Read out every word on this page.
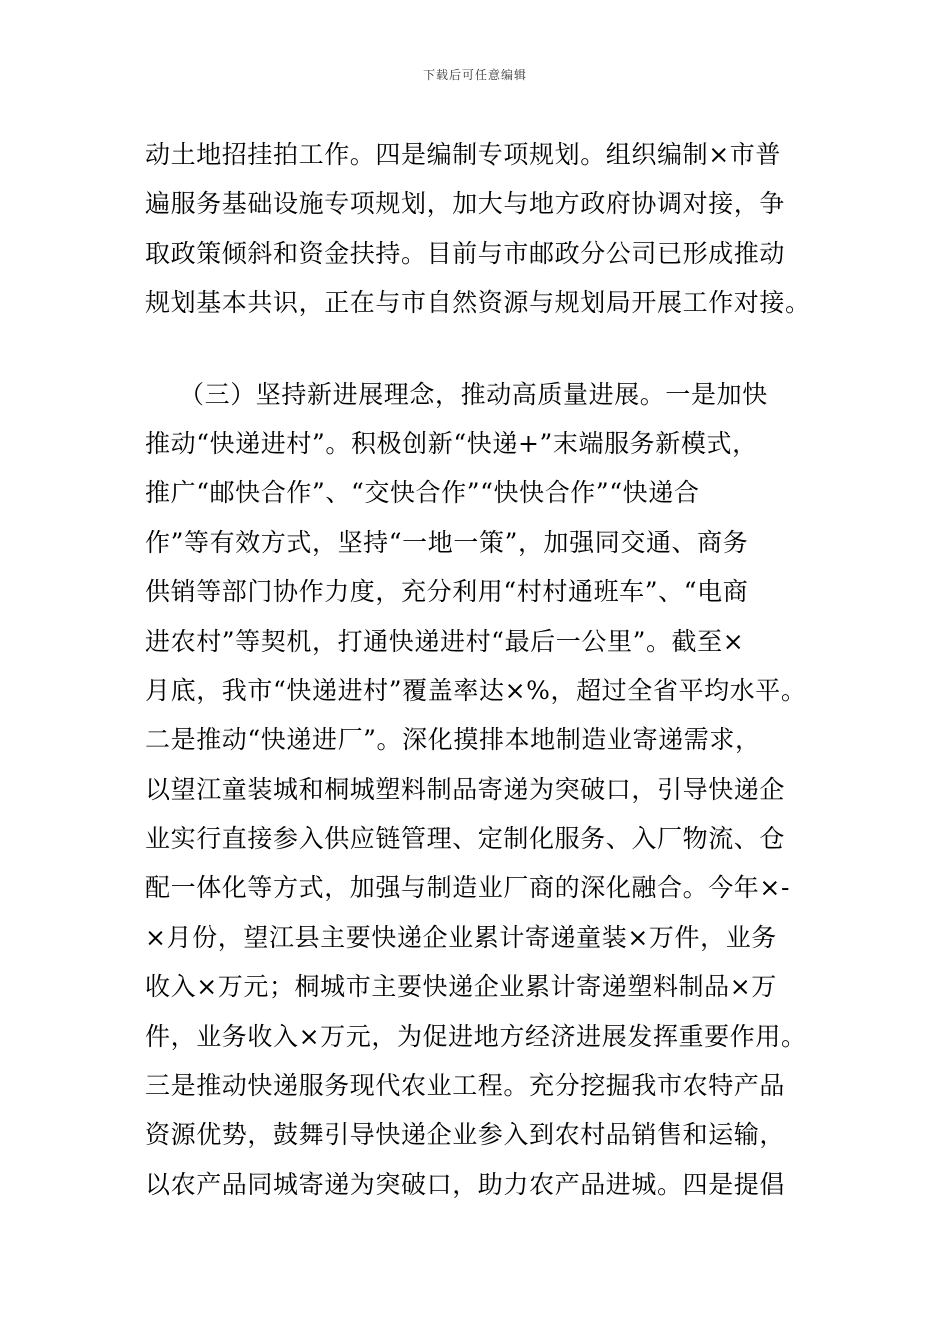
下载后可任意编辑
动土地招挂拍工作。四是编制专项规划。组织编制×市普
遍服务基础设施专项规划，加大与地方政府协调对接，争
取政策倾斜和资金扶持。目前与市邮政分公司已形成推动
规划基本共识，正在与市自然资源与规划局开展工作对接。
（三）坚持新进展理念，推动高质量进展。一是加快
推动“快递进村”。积极创新“快递+”末端服务新模式，
推广“邮快合作”、“交快合作”“快快合作”“快递合
作”等有效方式，坚持“一地一策”，加强同交通、商务
供销等部门协作力度，充分利用“村村通班车”、“电商
进农村”等契机，打通快递进村“最后一公里”。截至×
月底，我市“快递进村”覆盖率达×%，超过全省平均水平。
二是推动“快递进厂”。深化摸排本地制造业寄递需求，
以望江童装城和桐城塑料制品寄递为突破口，引导快递企
业实行直接参入供应链管理、定制化服务、入厂物流、仓
配一体化等方式，加强与制造业厂商的深化融合。今年×-
×月份，望江县主要快递企业累计寄递童装×万件，业务
收入×万元；桐城市主要快递企业累计寄递塑料制品×万
件，业务收入×万元，为促进地方经济进展发挥重要作用。
三是推动快递服务现代农业工程。充分挖掘我市农特产品
资源优势，鼓舞引导快递企业参入到农村品销售和运输，
以农产品同城寄递为突破口，助力农产品进城。四是提倡
